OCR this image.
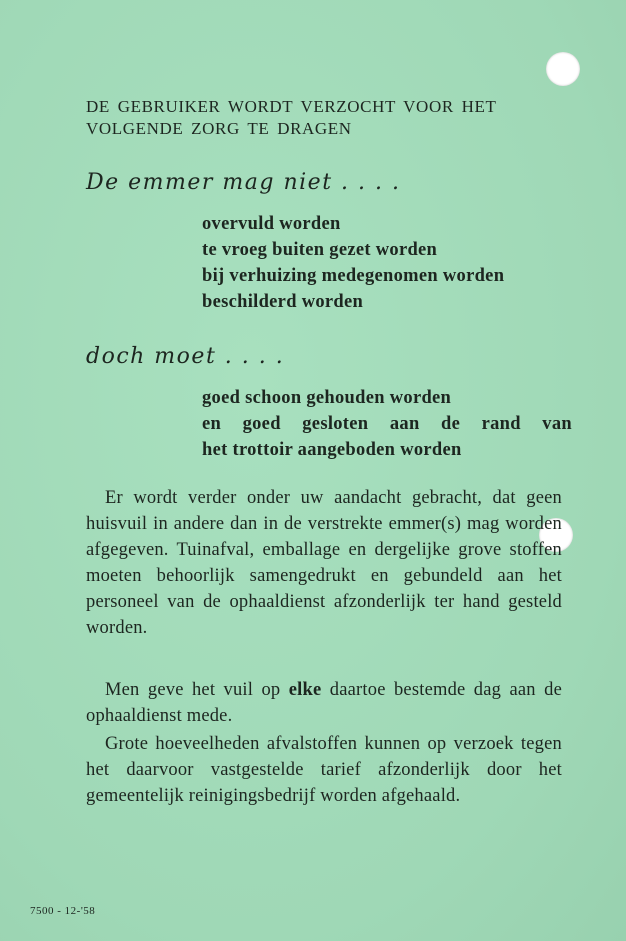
DE GEBRUIKER WORDT VERZOCHT VOOR HET VOLGENDE ZORG TE DRAGEN
De emmer mag niet . . . .
overvuld worden
te vroeg buiten gezet worden
bij verhuizing medegenomen worden
beschilderd worden
doch moet . . . .
goed schoon gehouden worden
en goed gesloten aan de rand van
het trottoir aangeboden worden

Er wordt verder onder uw aandacht gebracht, dat geen huisvuil in andere dan in de verstrekte emmer(s) mag worden afgegeven. Tuinafval, emballage en dergelijke grove stoffen moeten behoorlijk samengedrukt en gebundeld aan het personeel van de ophaaldienst afzonderlijk ter hand gesteld worden.

Men geve het vuil op elke daartoe bestemde dag aan de ophaaldienst mede.

Grote hoeveelheden afvalstoffen kunnen op verzoek tegen het daarvoor vastgestelde tarief afzonderlijk door het gemeentelijk reinigingsbedrijf worden afgehaald.

7500 - 12-'58
